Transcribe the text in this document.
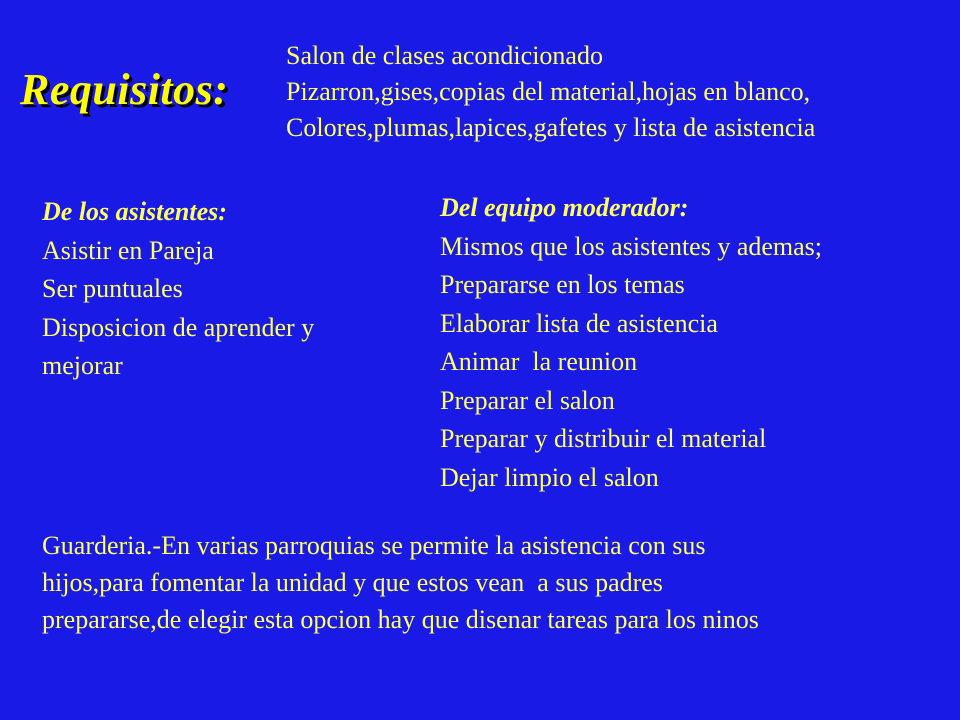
Requisitos:
Salon de clases acondicionado
Pizarron,gises,copias del material,hojas en blanco,
Colores,plumas,lapices,gafetes y lista de asistencia
De los asistentes:
Asistir en Pareja
Ser puntuales
Disposicion de aprender y mejorar
Del equipo moderador:
Mismos que los asistentes y ademas;
Prepararse en los temas
Elaborar lista de asistencia
Animar  la reunion
Preparar el salon
Preparar y distribuir el material
Dejar limpio el salon
Guarderia.-En varias parroquias se permite la asistencia con sus
hijos,para fomentar la unidad y que estos vean  a sus padres
prepararse,de elegir esta opcion hay que disenar tareas para los ninos
